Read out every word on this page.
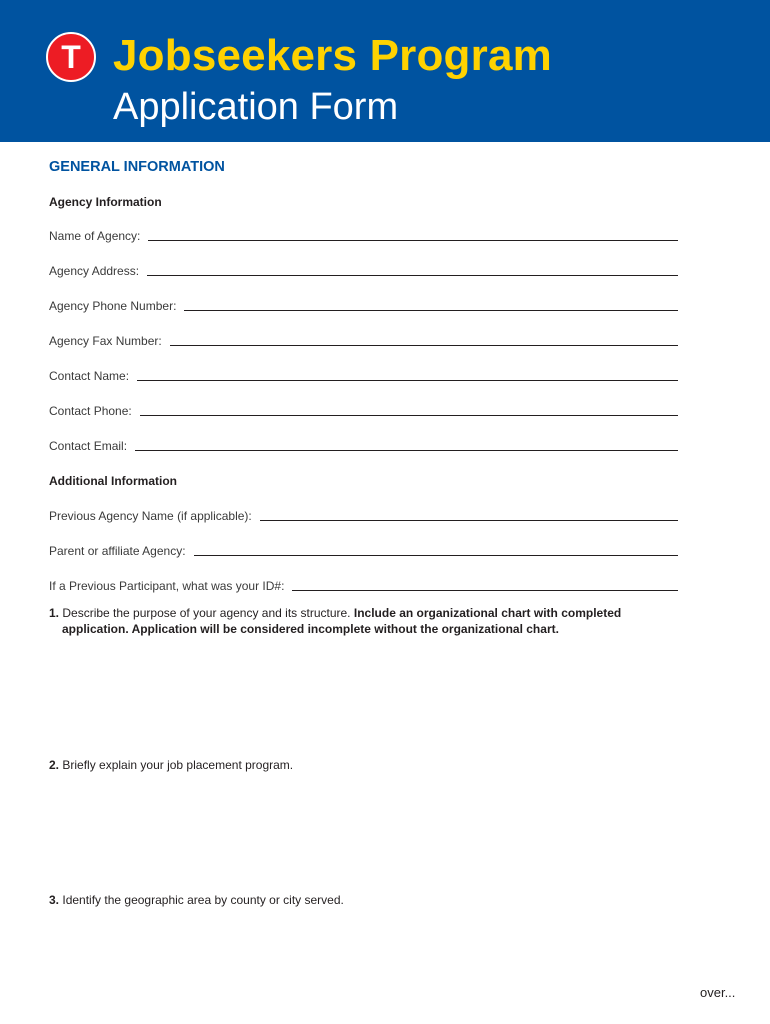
T Jobseekers Program
Application Form
GENERAL INFORMATION
Agency Information
Name of Agency:
Agency Address:
Agency Phone Number:
Agency Fax Number:
Contact Name:
Contact Phone:
Contact Email:
Additional Information
Previous Agency Name (if applicable):
Parent or affiliate Agency:
If a Previous Participant, what was your ID#:
1. Describe the purpose of your agency and its structure. Include an organizational chart with completed application. Application will be considered incomplete without the organizational chart.
2. Briefly explain your job placement program.
3. Identify the geographic area by county or city served.
over...
